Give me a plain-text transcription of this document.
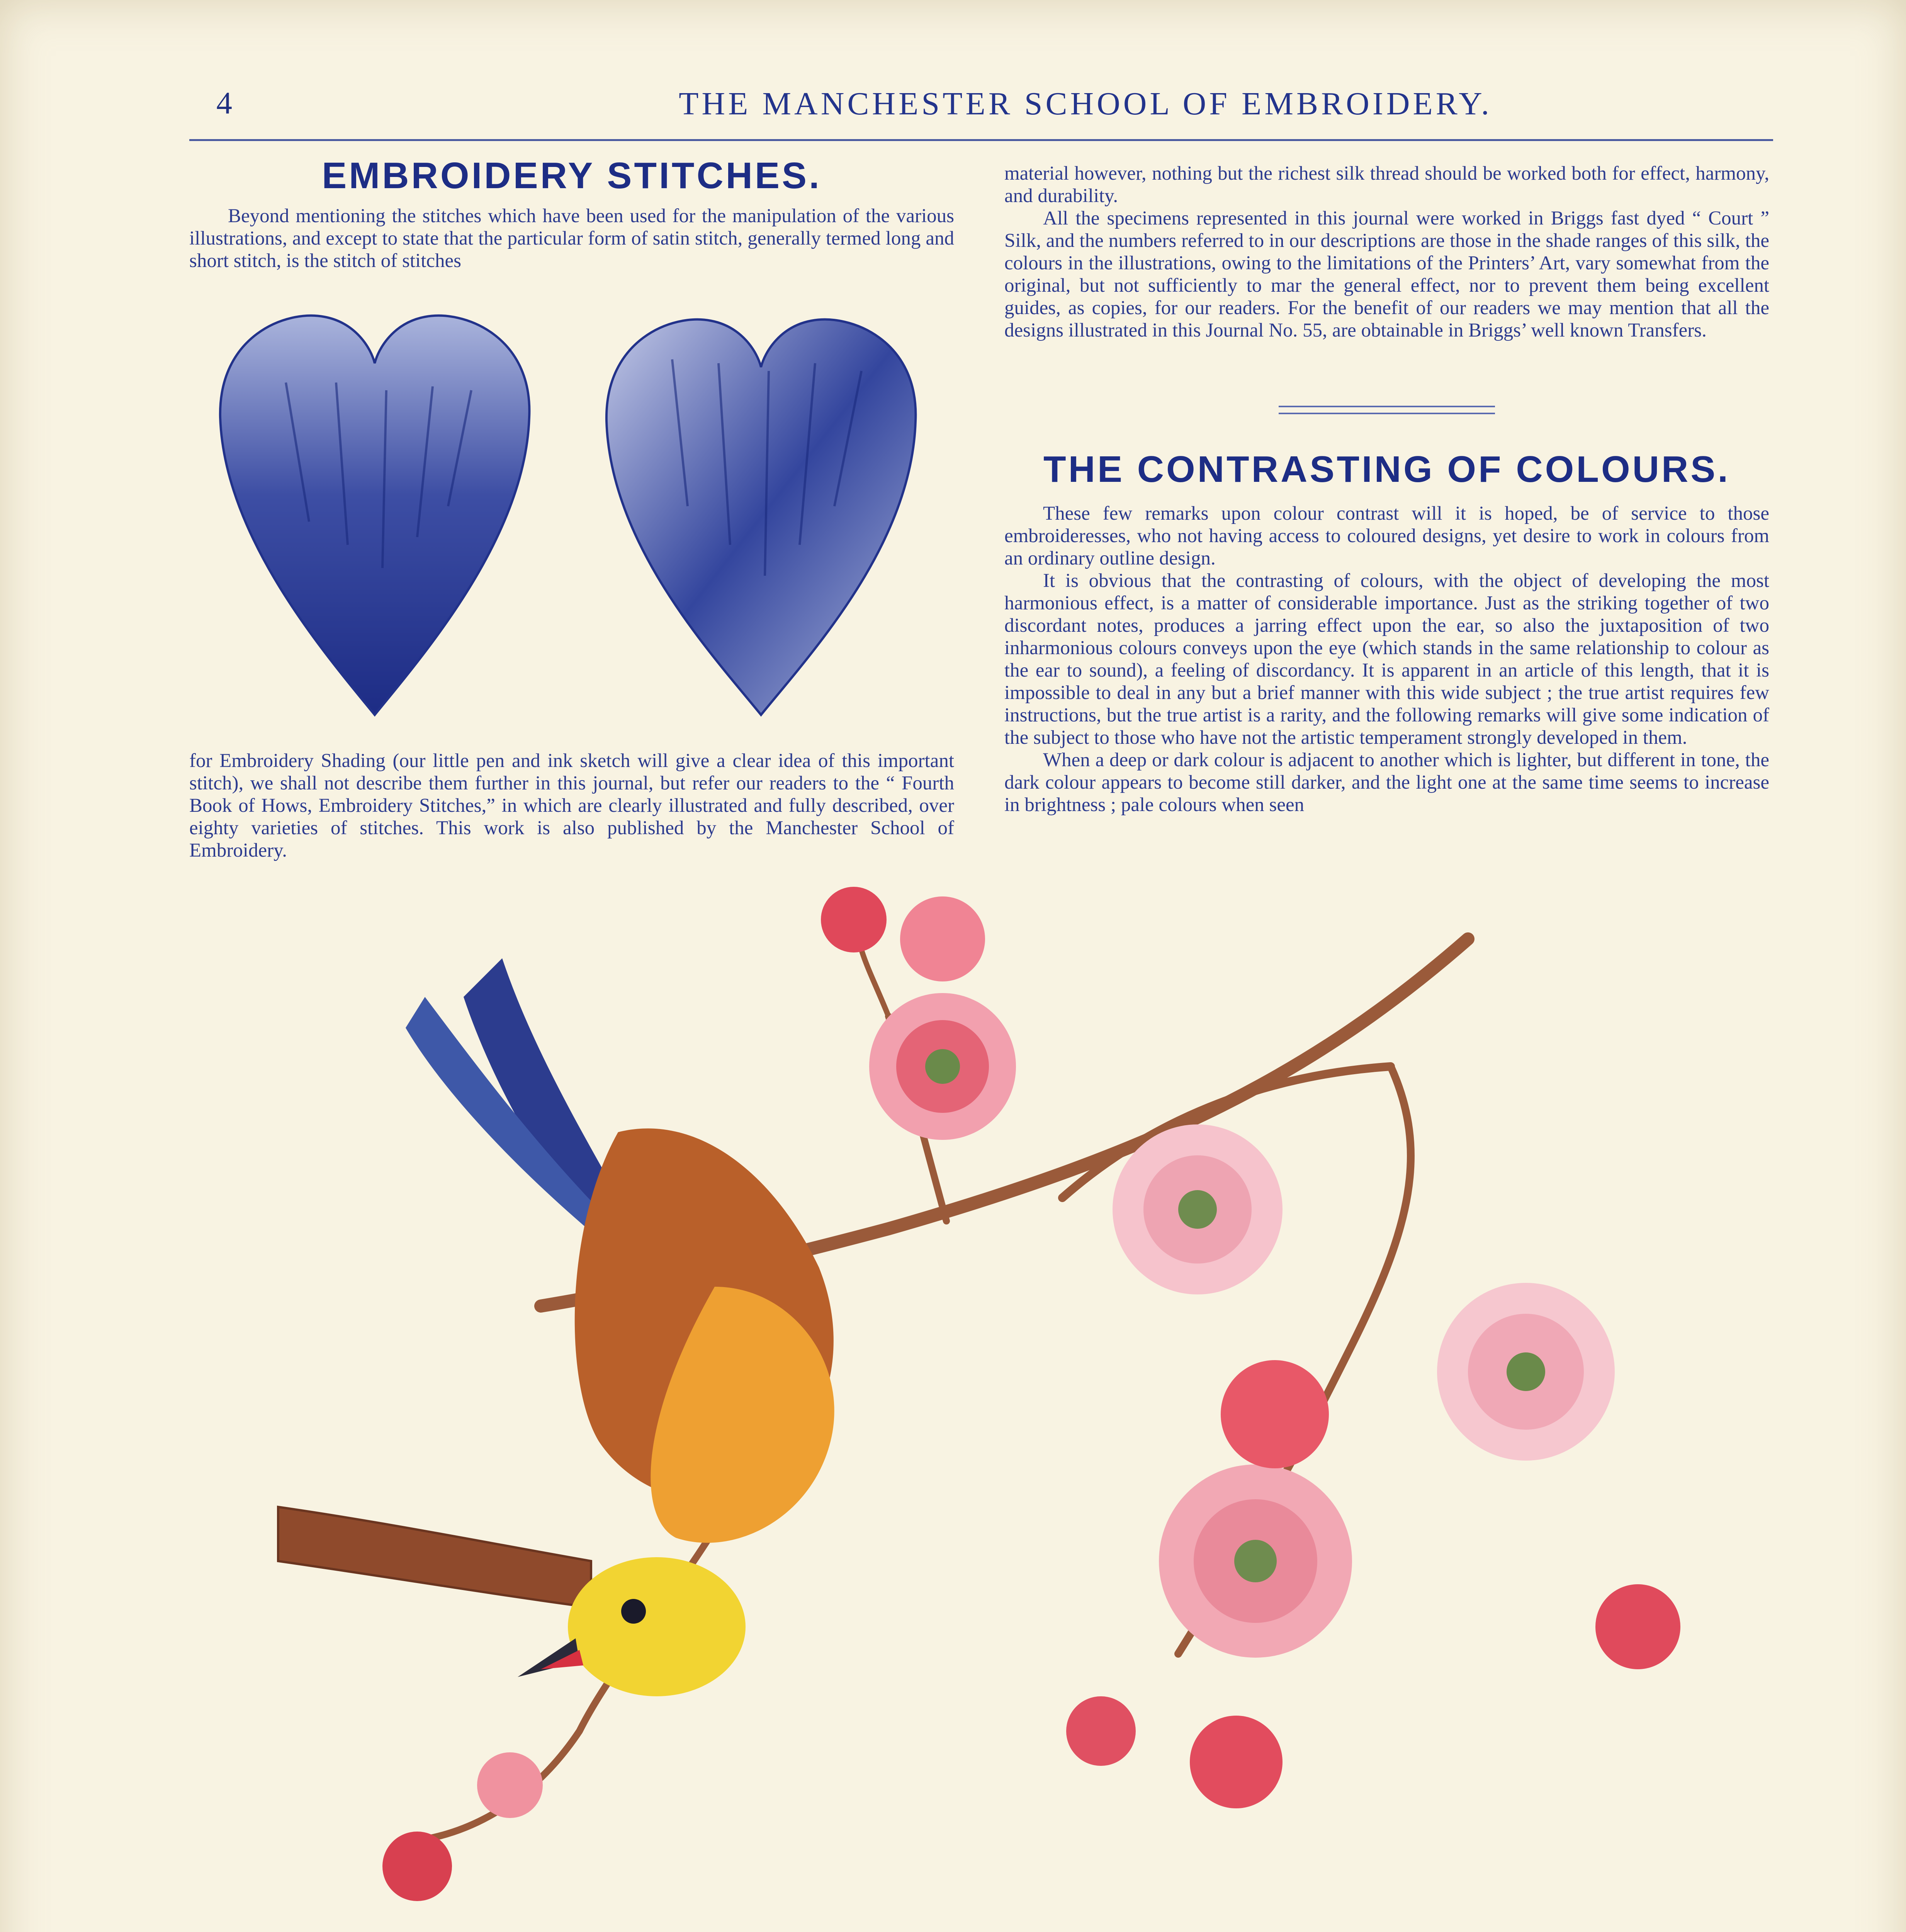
4	THE MANCHESTER SCHOOL OF EMBROIDERY.
EMBROIDERY STITCHES.

Beyond mentioning the stitches which have been used for the manipulation of the various illustrations, and except to state that the particular form of satin stitch, generally termed long and short stitch, is the stitch of stitches

for Embroidery Shading (our little pen and ink sketch will give a clear idea of this important stitch), we shall not describe them further in this journal, but refer our readers to the “ Fourth Book of Hows, Embroidery Stitches,” in which are clearly illustrated and fully described, over eighty varieties of stitches. This work is also published by the Manchester School of Embroidery.

material however, nothing but the richest silk thread should be worked both for effect, harmony, and durability.

All the specimens represented in this journal were worked in Briggs fast dyed “ Court ” Silk, and the numbers referred to in our descriptions are those in the shade ranges of this silk, the colours in the illustrations, owing to the limitations of the Printers’ Art, vary somewhat from the original, but not sufficiently to mar the general effect, nor to prevent them being excellent guides, as copies, for our readers. For the benefit of our readers we may mention that all the designs illustrated in this Journal No. 55, are obtainable in Briggs’ well known Transfers.

THE CONTRASTING OF COLOURS.

These few remarks upon colour contrast will it is hoped, be of service to those embroideresses, who not having access to coloured designs, yet desire to work in colours from an ordinary outline design.

It is obvious that the contrasting of colours, with the object of developing the most harmonious effect, is a matter of considerable importance. Just as the striking together of two discordant notes, produces a jarring effect upon the ear, so also the juxtaposition of two inharmonious colours conveys upon the eye (which stands in the same relationship to colour as the ear to sound), a feeling of discordancy. It is apparent in an article of this length, that it is impossible to deal in any but a brief manner with this wide subject ; the true artist requires few instructions, but the true artist is a rarity, and the following remarks will give some indication of the subject to those who have not the artistic temperament strongly developed in them.

When a deep or dark colour is adjacent to another which is lighter, but different in tone, the dark colour appears to become still darker, and the light one at the same time seems to increase in brightness ; pale colours when seen
